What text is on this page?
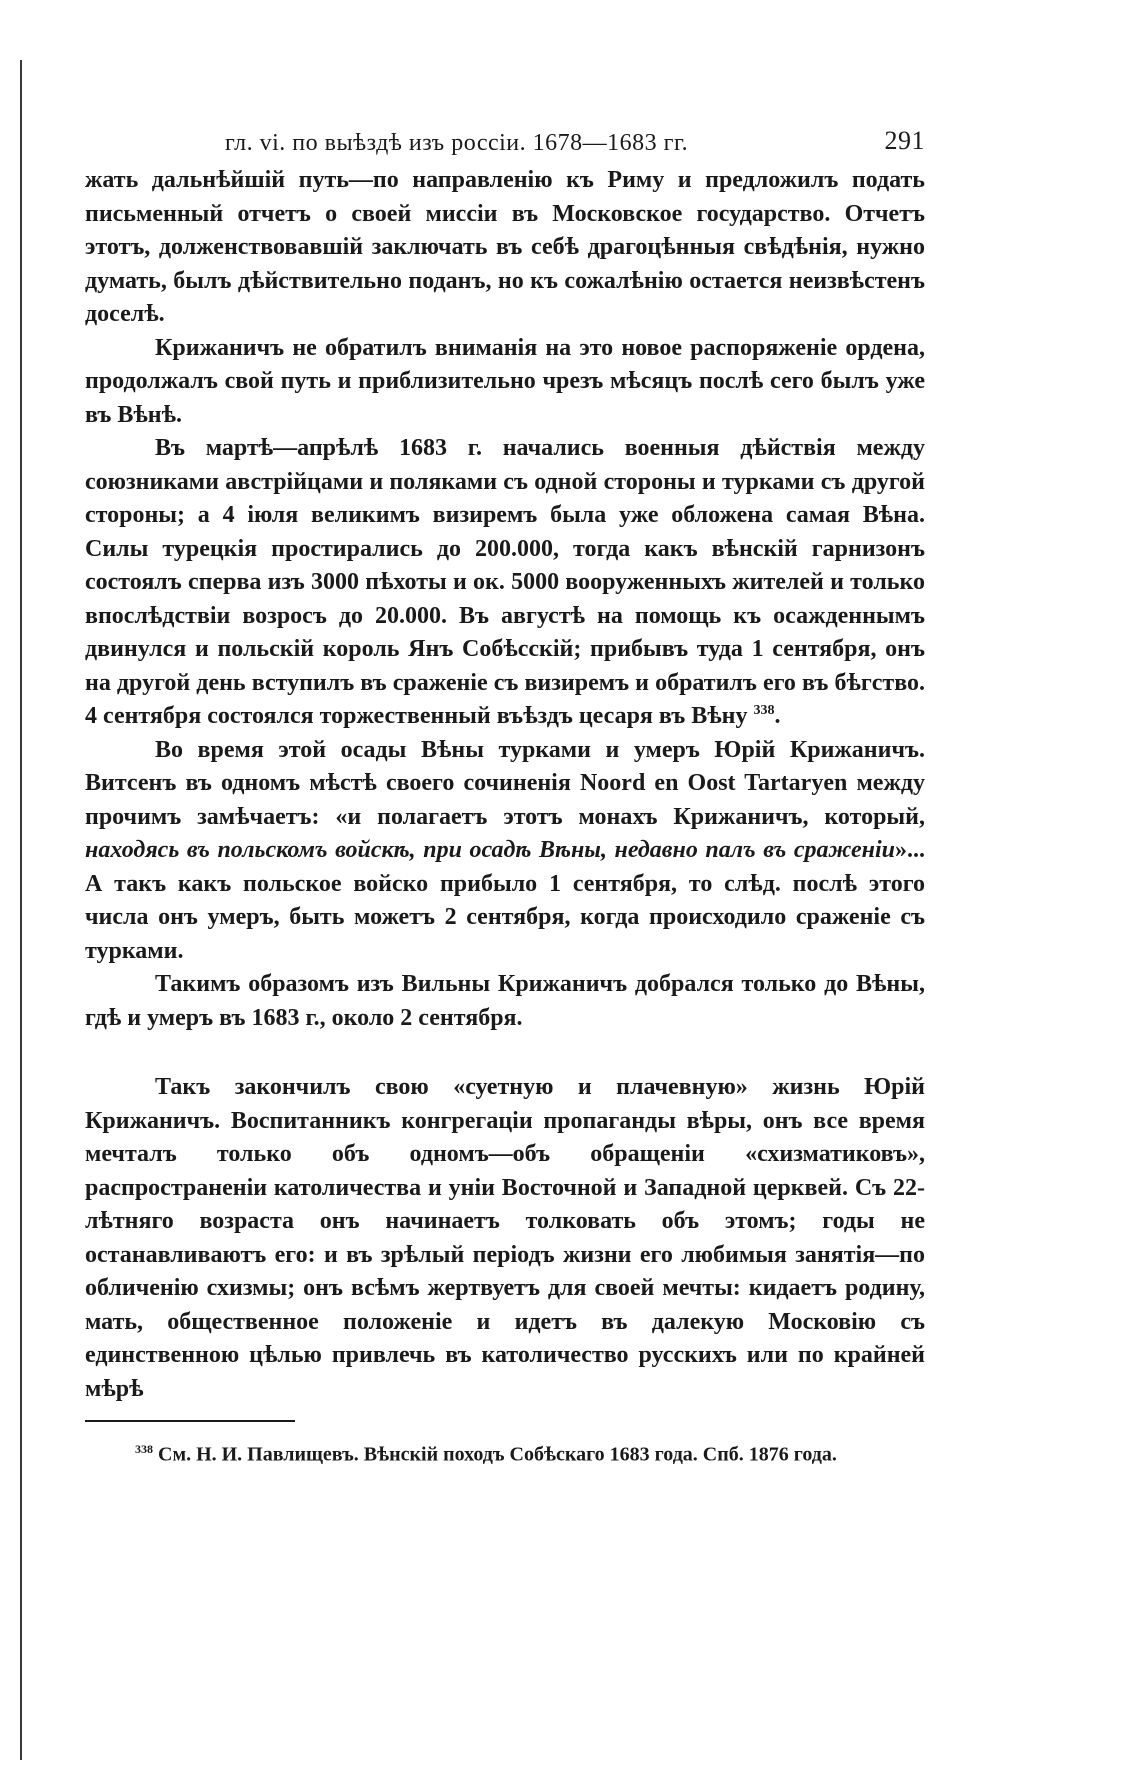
гл. vi. по выѣздѣ изъ россіи. 1678—1683 гг.	291

жать дальнѣйшій путь—по направленію къ Риму и предложилъ подать письменный отчетъ о своей миссіи въ Московское государство. Отчетъ этотъ, долженствовавшій заключать въ себѣ драгоцѣнныя свѣдѣнія, нужно думать, былъ дѣйствительно поданъ, но къ сожалѣнію остается неизвѣстенъ доселѣ.

Крижаничъ не обратилъ вниманія на это новое распоряженіе ордена, продолжалъ свой путь и приблизительно чрезъ мѣсяцъ послѣ сего былъ уже въ Вѣнѣ.

Въ мартѣ—апрѣлѣ 1683 г. начались военныя дѣйствія между союзниками австрійцами и поляками съ одной стороны и турками съ другой стороны; а 4 іюля великимъ визиремъ была уже обложена самая Вѣна. Силы турецкія простирались до 200.000, тогда какъ вѣнскій гарнизонъ состоялъ сперва изъ 3000 пѣхоты и ок. 5000 вооруженныхъ жителей и только впослѣдствіи возросъ до 20.000. Въ августѣ на помощь къ осажденнымъ двинулся и польскій король Янъ Собѣсскій; прибывъ туда 1 сентября, онъ на другой день вступилъ въ сраженіе съ визиремъ и обратилъ его въ бѣгство. 4 сентября состоялся торжественный въѣздъ цесаря въ Вѣну $^{338}$.

Во время этой осады Вѣны турками и умеръ Юрій Крижаничъ. Витсенъ въ одномъ мѣстѣ своего сочиненія Noord en Oost Tartaryen между прочимъ замѣчаетъ: «и полагаетъ этотъ монахъ Крижаничъ, который, находясь въ польскомъ войскѣ, при осадѣ Вѣны, недавно палъ въ сраженіи»... А такъ какъ польское войско прибыло 1 сентября, то слѣд. послѣ этого числа онъ умеръ, быть можетъ 2 сентября, когда происходило сраженіе съ турками.

Такимъ образомъ изъ Вильны Крижаничъ добрался только до Вѣны, гдѣ и умеръ въ 1683 г., около 2 сентября.

Такъ закончилъ свою «суетную и плачевную» жизнь Юрій Крижаничъ. Воспитанникъ конгрегаціи пропаганды вѣры, онъ все время мечталъ только объ одномъ—объ обращеніи «схизматиковъ», распространеніи католичества и уніи Восточной и Западной церквей. Съ 22-лѣтняго возраста онъ начинаетъ толковать объ этомъ; годы не останавливаютъ его: и въ зрѣлый періодъ жизни его любимыя занятія—по обличенію схизмы; онъ всѣмъ жертвуетъ для своей мечты: кидаетъ родину, мать, общественное положеніе и идетъ въ далекую Московію съ единственною цѣлью привлечь въ католичество русскихъ или по крайней мѣрѣ

$^{338}$ См. Н. И. Павлищевъ. Вѣнскій походъ Собѣскаго 1683 года. Спб. 1876 года.
